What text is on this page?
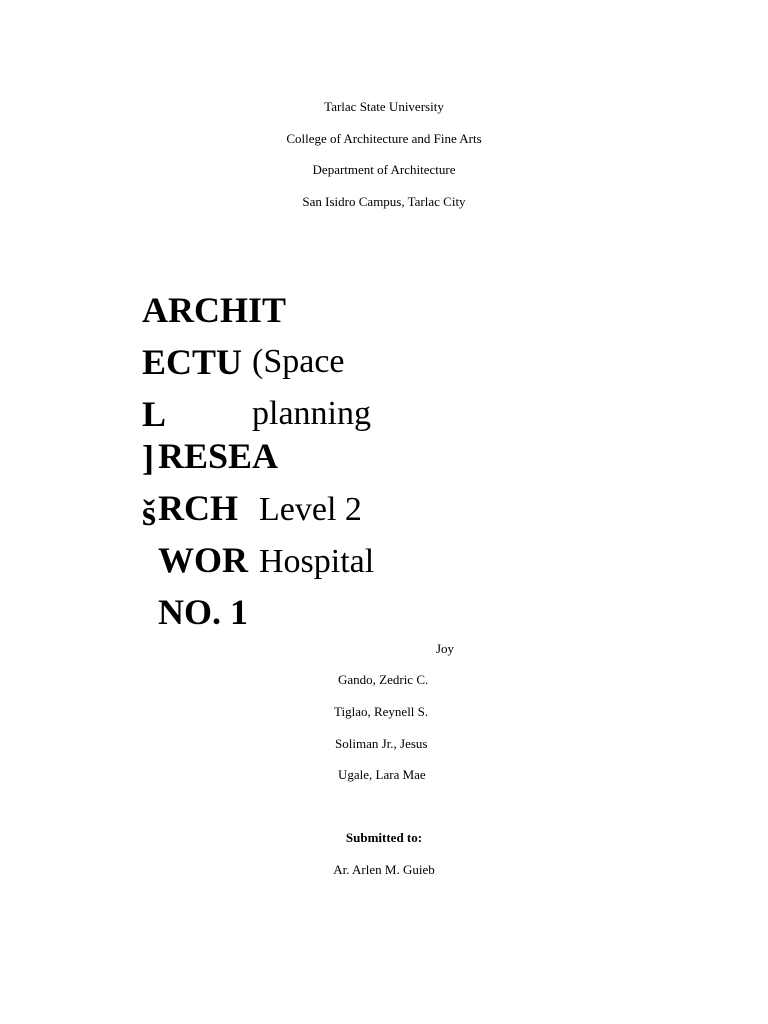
Tarlac State University
College of Architecture and Fine Arts
Department of Architecture
San Isidro Campus, Tarlac City
ARCHIT
ECTU
L
]
š
RESEA
RCH
WOR
NO. 1
(Space
planning
Level 2
Hospital
Joy
Gando, Zedric C.
Tiglao, Reynell S.
Soliman Jr., Jesus
Ugale, Lara Mae
Submitted to:
Ar. Arlen M. Guieb
